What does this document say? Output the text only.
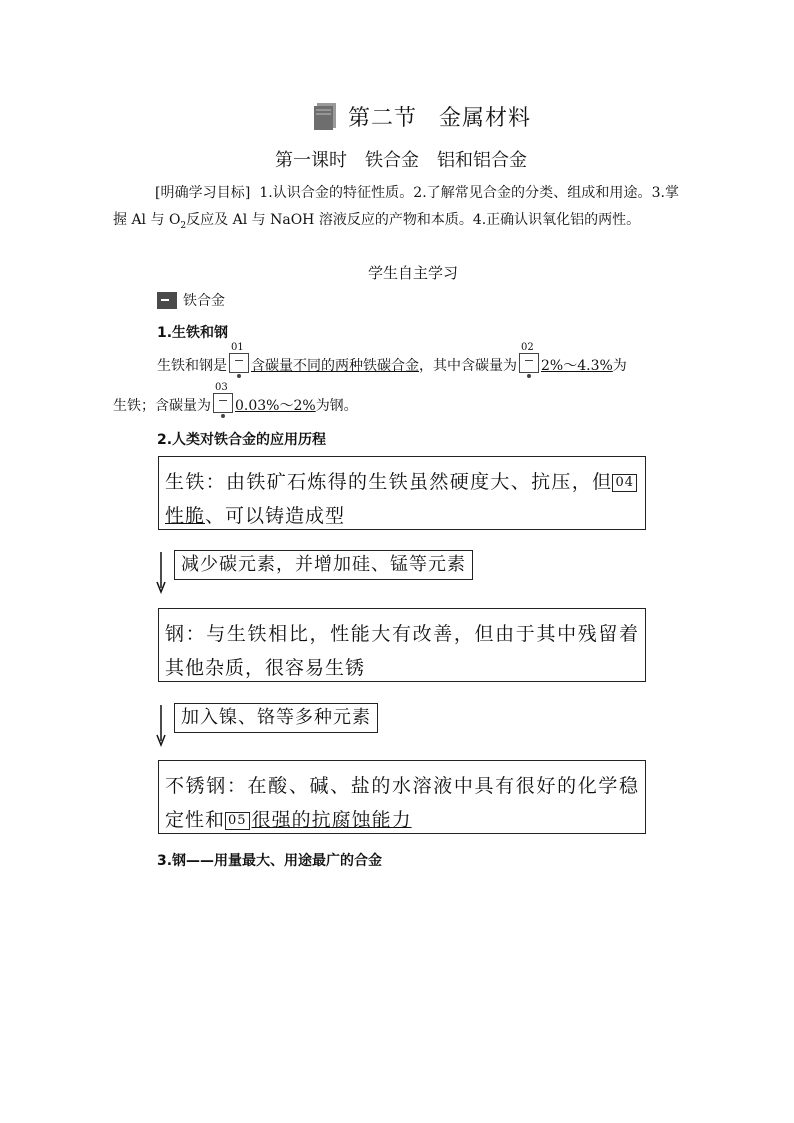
第二节 金属材料
第一课时 铁合金 铝和铝合金
[明确学习目标] 1.认识合金的特征性质。2.了解常见合金的分类、组成和用途。3.掌握 Al 与 $O_2$反应及 Al 与 NaOH 溶液反应的产物和本质。4.正确认识氧化铝的两性。
学生自主学习
铁合金
1.生铁和钢
生铁和钢是
01
含碳量不同的两种铁碳合金，其中含碳量为
02
2%～4.3%为
生铁；含碳量为
03
0.03%～2%为钢。
2.人类对铁合金的应用历程
生铁：由铁矿石炼得的生铁虽然硬度大、抗压，但 04性脆、可以铸造成型
减少碳元素，并增加硅、锰等元素
钢：与生铁相比，性能大有改善，但由于其中残留着其他杂质，很容易生锈
加入镍、铬等多种元素
不锈钢：在酸、碱、盐的水溶液中具有很好的化学稳定性和 05 很强的抗腐蚀能力
3.钢——用量最大、用途最广的合金
